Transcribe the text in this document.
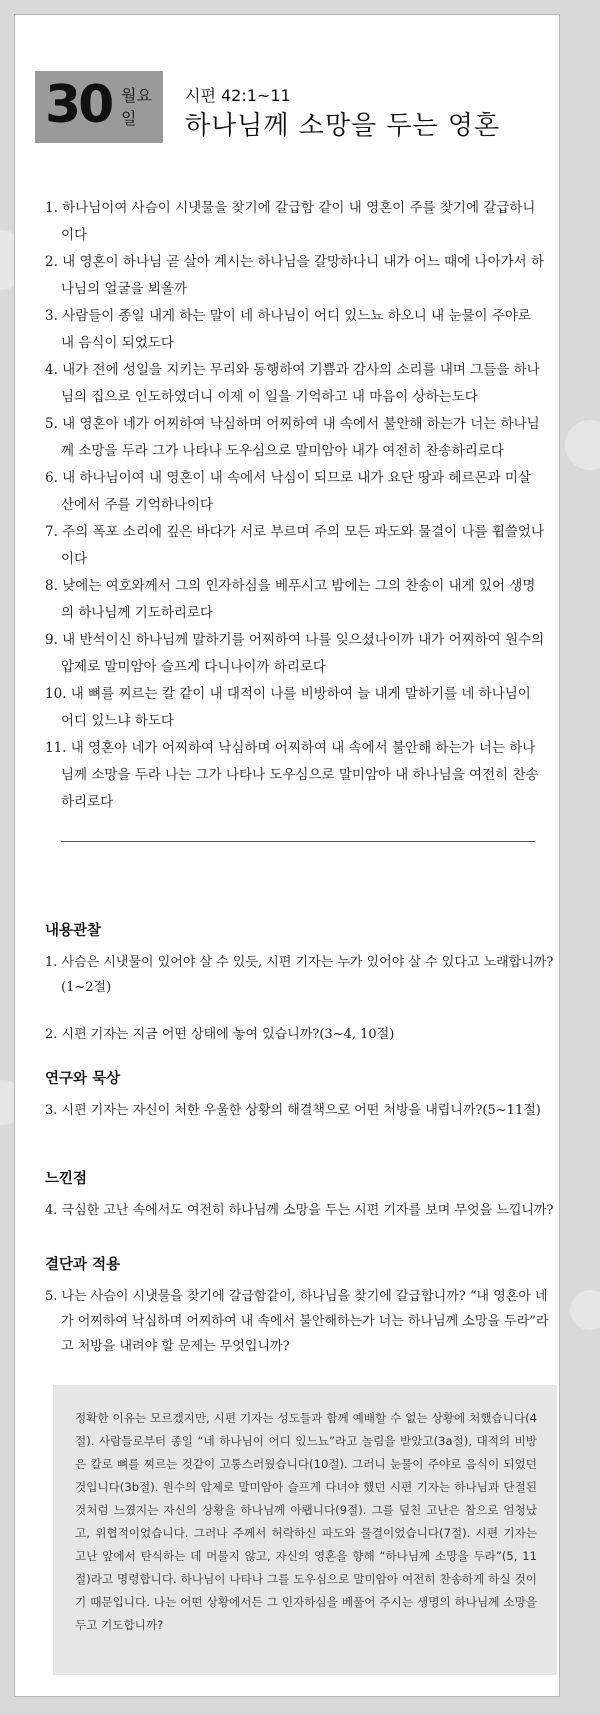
30 월요일
시편 42:1~11
하나님께 소망을 두는 영혼

1. 하나님이여 사슴이 시냇물을 찾기에 갈급함 같이 내 영혼이 주를 찾기에 갈급하니이다

2. 내 영혼이 하나님 곧 살아 계시는 하나님을 갈망하나니 내가 어느 때에 나아가서 하나님의 얼굴을 뵈올까

3. 사람들이 종일 내게 하는 말이 네 하나님이 어디 있느뇨 하오니 내 눈물이 주야로 내 음식이 되었도다

4. 내가 전에 성일을 지키는 무리와 동행하여 기쁨과 감사의 소리를 내며 그들을 하나님의 집으로 인도하였더니 이제 이 일을 기억하고 내 마음이 상하는도다

5. 내 영혼아 네가 어찌하여 낙심하며 어찌하여 내 속에서 불안해 하는가 너는 하나님께 소망을 두라 그가 나타나 도우심으로 말미암아 내가 여전히 찬송하리로다

6. 내 하나님이여 내 영혼이 내 속에서 낙심이 되므로 내가 요단 땅과 헤르몬과 미살 산에서 주를 기억하나이다

7. 주의 폭포 소리에 깊은 바다가 서로 부르며 주의 모든 파도와 물결이 나를 휩쓸었나이다

8. 낮에는 여호와께서 그의 인자하심을 베푸시고 밤에는 그의 찬송이 내게 있어 생명의 하나님께 기도하리로다

9. 내 반석이신 하나님께 말하기를 어찌하여 나를 잊으셨나이까 내가 어찌하여 원수의 압제로 말미암아 슬프게 다니나이까 하리로다

10. 내 뼈를 찌르는 칼 같이 내 대적이 나를 비방하여 늘 내게 말하기를 네 하나님이 어디 있느냐 하도다

11. 내 영혼아 네가 어찌하여 낙심하며 어찌하여 내 속에서 불안해 하는가 너는 하나님께 소망을 두라 나는 그가 나타나 도우심으로 말미암아 내 하나님을 여전히 찬송하리로다

내용관찰

1. 사슴은 시냇물이 있어야 살 수 있듯, 시편 기자는 누가 있어야 살 수 있다고 노래합니까?(1~2절)

2. 시편 기자는 지금 어떤 상태에 놓여 있습니까?(3~4, 10절)

연구와 묵상

3. 시편 기자는 자신이 처한 우울한 상황의 해결책으로 어떤 처방을 내립니까?(5~11절)

느낀점

4. 극심한 고난 속에서도 여전히 하나님께 소망을 두는 시편 기자를 보며 무엇을 느낍니까?

결단과 적용

5. 나는 사슴이 시냇물을 찾기에 갈급함같이, 하나님을 찾기에 갈급합니까? “내 영혼아 네가 어찌하여 낙심하며 어찌하여 내 속에서 불안해하는가 너는 하나님께 소망을 두라”라고 처방을 내려야 할 문제는 무엇입니까?

정확한 이유는 모르겠지만, 시편 기자는 성도들과 함께 예배할 수 없는 상황에 처했습니다(4절). 사람들로부터 종일 “네 하나님이 어디 있느뇨”라고 놀림을 받았고(3a절), 대적의 비방은 칼로 뼈를 찌르는 것같이 고통스러웠습니다(10절). 그러니 눈물이 주야로 음식이 되었던 것입니다(3b절). 원수의 압제로 말미암아 슬프게 다녀야 했던 시편 기자는 하나님과 단절된 것처럼 느꼈지는 자신의 상황을 하나님께 아뢥니다(9절). 그를 덮친 고난은 참으로 엄청났고, 위협적이었습니다. 그러나 주께서 허락하신 파도와 물결이었습니다(7절). 시편 기자는 고난 앞에서 탄식하는 데 머물지 않고, 자신의 영혼을 향해 “하나님께 소망을 두라”(5, 11절)라고 명령합니다. 하나님이 나타나 그를 도우심으로 말미암아 여전히 찬송하게 하실 것이기 때문입니다. 나는 어떤 상황에서든 그 인자하심을 베풀어 주시는 생명의 하나님께 소망을 두고 기도합니까?
